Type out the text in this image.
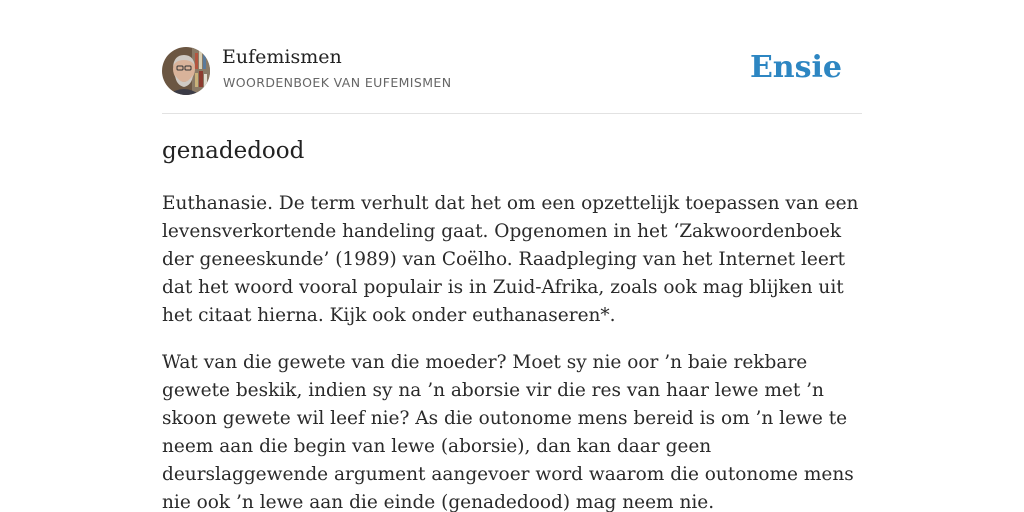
Eufemismen
WOORDENBOEK VAN EUFEMISMEN	Ensie
genadedood

Euthanasie. De term verhult dat het om een opzettelijk toepassen van een levensverkortende handeling gaat. Opgenomen in het ‘Zakwoordenboek der geneeskunde’ (1989) van Coëlho. Raadpleging van het Internet leert dat het woord vooral populair is in Zuid-Afrika, zoals ook mag blijken uit het citaat hierna. Kijk ook onder euthanaseren*.

Wat van die gewete van die moeder? Moet sy nie oor ’n baie rekbare gewete beskik, indien sy na ’n aborsie vir die res van haar lewe met ’n skoon gewete wil leef nie? As die outonome mens bereid is om ’n lewe te neem aan die begin van lewe (aborsie), dan kan daar geen deurslaggewende argument aangevoer word waarom die outonome mens nie ook ’n lewe aan die einde (genadedood) mag neem nie.
